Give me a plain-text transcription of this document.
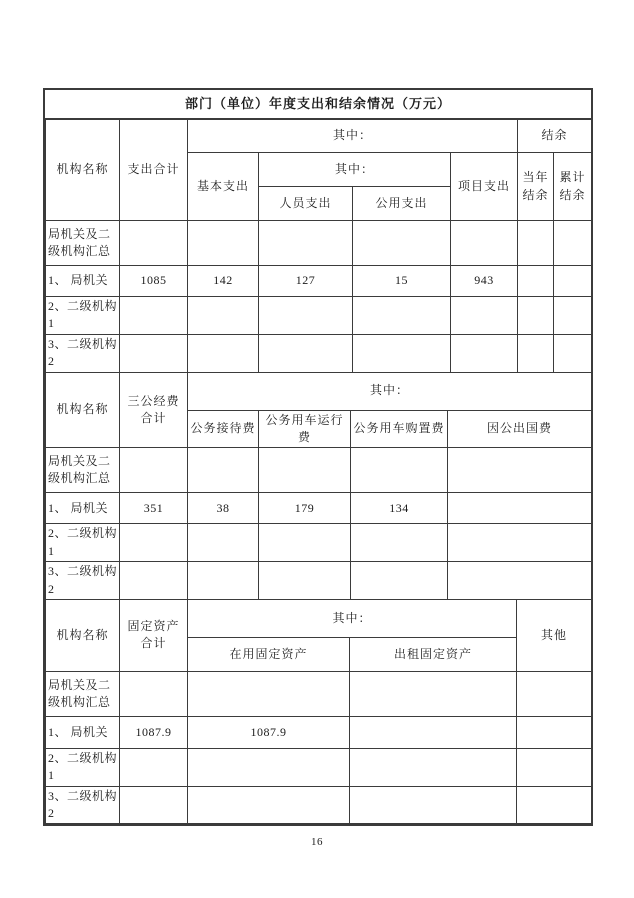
部门（单位）年度支出和结余情况（万元）
机构名称	支出合计	其中：				结余	
		基本支出	其中：		项目支出	当年结余	累计结余
			人员支出	公用支出			
局机关及二级机构汇总							
1、 局机关	1085	142	127	15	943		
2、二级机构 1							
3、二级机构 2							
机构名称	三公经费合计	其中：			
		公务接待费	公务用车运行费	公务用车购置费	因公出国费
局机关及二级机构汇总					
1、 局机关	351	38	179	134	
2、二级机构 1					
3、二级机构 2					
机构名称	固定资产合计	其中：		其他
		在用固定资产	出租固定资产	
局机关及二级机构汇总				
1、 局机关	1087.9	1087.9		
2、二级机构 1				
3、二级机构 2				
16
